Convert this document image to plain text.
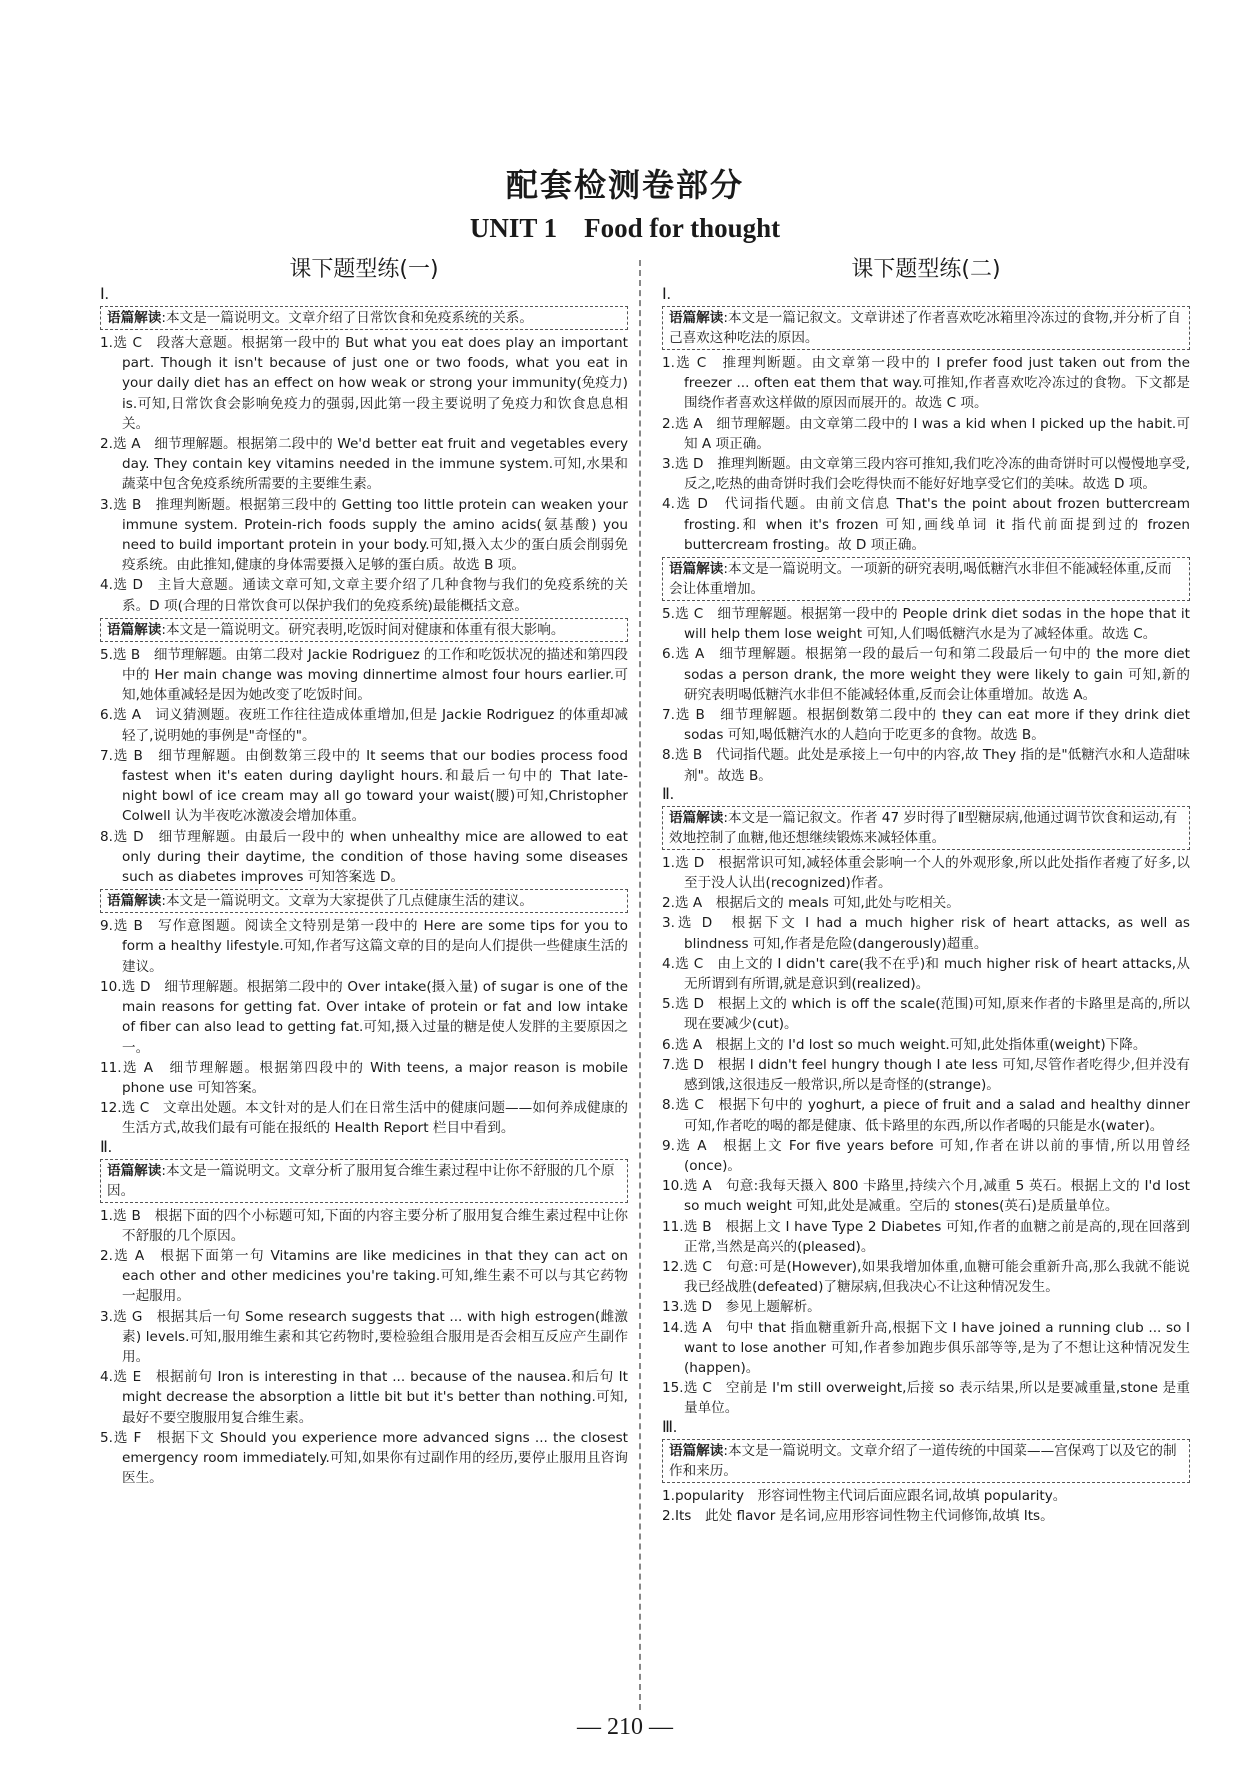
配套检测卷部分
UNIT 1　Food for thought
课下题型练(一)
Ⅰ.
语篇解读:本文是一篇说明文。文章介绍了日常饮食和免疫系统的关系。
1.选 C　段落大意题。根据第一段中的 But what you eat does play an important part. Though it isn't because of just one or two foods, what you eat in your daily diet has an effect on how weak or strong your immunity(免疫力) is.可知,日常饮食会影响免疫力的强弱,因此第一段主要说明了免疫力和饮食息息相关。
2.选 A　细节理解题。根据第二段中的 We'd better eat fruit and vegetables every day. They contain key vitamins needed in the immune system.可知,水果和蔬菜中包含免疫系统所需要的主要维生素。
3.选 B　推理判断题。根据第三段中的 Getting too little protein can weaken your immune system. Protein-rich foods supply the amino acids(氨基酸) you need to build important protein in your body.可知,摄入太少的蛋白质会削弱免疫系统。由此推知,健康的身体需要摄入足够的蛋白质。故选 B 项。
4.选 D　主旨大意题。通读文章可知,文章主要介绍了几种食物与我们的免疫系统的关系。D 项(合理的日常饮食可以保护我们的免疫系统)最能概括文意。
语篇解读:本文是一篇说明文。研究表明,吃饭时间对健康和体重有很大影响。
5.选 B　细节理解题。由第二段对 Jackie Rodriguez 的工作和吃饭状况的描述和第四段中的 Her main change was moving dinnertime almost four hours earlier.可知,她体重减轻是因为她改变了吃饭时间。
6.选 A　词义猜测题。夜班工作往往造成体重增加,但是 Jackie Rodriguez 的体重却减轻了,说明她的事例是"奇怪的"。
7.选 B　细节理解题。由倒数第三段中的 It seems that our bodies process food fastest when it's eaten during daylight hours.和最后一句中的 That late-night bowl of ice cream may all go toward your waist(腰)可知,Christopher Colwell 认为半夜吃冰激凌会增加体重。
8.选 D　细节理解题。由最后一段中的 when unhealthy mice are allowed to eat only during their daytime, the condition of those having some diseases such as diabetes improves 可知答案选 D。
语篇解读:本文是一篇说明文。文章为大家提供了几点健康生活的建议。
9.选 B　写作意图题。阅读全文特别是第一段中的 Here are some tips for you to form a healthy lifestyle.可知,作者写这篇文章的目的是向人们提供一些健康生活的建议。
10.选 D　细节理解题。根据第二段中的 Over intake(摄入量) of sugar is one of the main reasons for getting fat. Over intake of protein or fat and low intake of fiber can also lead to getting fat.可知,摄入过量的糖是使人发胖的主要原因之一。
11.选 A　细节理解题。根据第四段中的 With teens, a major reason is mobile phone use 可知答案。
12.选 C　文章出处题。本文针对的是人们在日常生活中的健康问题——如何养成健康的生活方式,故我们最有可能在报纸的 Health Report 栏目中看到。
Ⅱ.
语篇解读:本文是一篇说明文。文章分析了服用复合维生素过程中让你不舒服的几个原因。
1.选 B　根据下面的四个小标题可知,下面的内容主要分析了服用复合维生素过程中让你不舒服的几个原因。
2.选 A　根据下面第一句 Vitamins are like medicines in that they can act on each other and other medicines you're taking.可知,维生素不可以与其它药物一起服用。
3.选 G　根据其后一句 Some research suggests that ... with high estrogen(雌激素) levels.可知,服用维生素和其它药物时,要检验组合服用是否会相互反应产生副作用。
4.选 E　根据前句 Iron is interesting in that ... because of the nausea.和后句 It might decrease the absorption a little bit but it's better than nothing.可知,最好不要空腹服用复合维生素。
5.选 F　根据下文 Should you experience more advanced signs ... the closest emergency room immediately.可知,如果你有过副作用的经历,要停止服用且咨询医生。
课下题型练(二)
Ⅰ.
语篇解读:本文是一篇记叙文。文章讲述了作者喜欢吃冰箱里冷冻过的食物,并分析了自己喜欢这种吃法的原因。
1.选 C　推理判断题。由文章第一段中的 I prefer food just taken out from the freezer ... often eat them that way.可推知,作者喜欢吃冷冻过的食物。下文都是围绕作者喜欢这样做的原因而展开的。故选 C 项。
2.选 A　细节理解题。由文章第二段中的 I was a kid when I picked up the habit.可知 A 项正确。
3.选 D　推理判断题。由文章第三段内容可推知,我们吃冷冻的曲奇饼时可以慢慢地享受,反之,吃热的曲奇饼时我们会吃得快而不能好好地享受它们的美味。故选 D 项。
4.选 D　代词指代题。由前文信息 That's the point about frozen buttercream frosting.和 when it's frozen 可知,画线单词 it 指代前面提到过的 frozen buttercream frosting。故 D 项正确。
语篇解读:本文是一篇说明文。一项新的研究表明,喝低糖汽水非但不能减轻体重,反而会让体重增加。
5.选 C　细节理解题。根据第一段中的 People drink diet sodas in the hope that it will help them lose weight 可知,人们喝低糖汽水是为了减轻体重。故选 C。
6.选 A　细节理解题。根据第一段的最后一句和第二段最后一句中的 the more diet sodas a person drank, the more weight they were likely to gain 可知,新的研究表明喝低糖汽水非但不能减轻体重,反而会让体重增加。故选 A。
7.选 B　细节理解题。根据倒数第二段中的 they can eat more if they drink diet sodas 可知,喝低糖汽水的人趋向于吃更多的食物。故选 B。
8.选 B　代词指代题。此处是承接上一句中的内容,故 They 指的是"低糖汽水和人造甜味剂"。故选 B。
Ⅱ.
语篇解读:本文是一篇记叙文。作者 47 岁时得了Ⅱ型糖尿病,他通过调节饮食和运动,有效地控制了血糖,他还想继续锻炼来减轻体重。
1.选 D　根据常识可知,减轻体重会影响一个人的外观形象,所以此处指作者瘦了好多,以至于没人认出(recognized)作者。
2.选 A　根据后文的 meals 可知,此处与吃相关。
3.选 D　根据下文 I had a much higher risk of heart attacks, as well as blindness 可知,作者是危险(dangerously)超重。
4.选 C　由上文的 I didn't care(我不在乎)和 much higher risk of heart attacks,从无所谓到有所谓,就是意识到(realized)。
5.选 D　根据上文的 which is off the scale(范围)可知,原来作者的卡路里是高的,所以现在要减少(cut)。
6.选 A　根据上文的 I'd lost so much weight.可知,此处指体重(weight)下降。
7.选 D　根据 I didn't feel hungry though I ate less 可知,尽管作者吃得少,但并没有感到饿,这很违反一般常识,所以是奇怪的(strange)。
8.选 C　根据下句中的 yoghurt, a piece of fruit and a salad and healthy dinner 可知,作者吃的喝的都是健康、低卡路里的东西,所以作者喝的只能是水(water)。
9.选 A　根据上文 For five years before 可知,作者在讲以前的事情,所以用曾经(once)。
10.选 A　句意:我每天摄入 800 卡路里,持续六个月,减重 5 英石。根据上文的 I'd lost so much weight 可知,此处是减重。空后的 stones(英石)是质量单位。
11.选 B　根据上文 I have Type 2 Diabetes 可知,作者的血糖之前是高的,现在回落到正常,当然是高兴的(pleased)。
12.选 C　句意:可是(However),如果我增加体重,血糖可能会重新升高,那么我就不能说我已经战胜(defeated)了糖尿病,但我决心不让这种情况发生。
13.选 D　参见上题解析。
14.选 A　句中 that 指血糖重新升高,根据下文 I have joined a running club ... so I want to lose another 可知,作者参加跑步俱乐部等等,是为了不想让这种情况发生(happen)。
15.选 C　空前是 I'm still overweight,后接 so 表示结果,所以是要减重量,stone 是重量单位。
Ⅲ.
语篇解读:本文是一篇说明文。文章介绍了一道传统的中国菜——宫保鸡丁以及它的制作和来历。
1.popularity　形容词性物主代词后面应跟名词,故填 popularity。
2.Its　此处 flavor 是名词,应用形容词性物主代词修饰,故填 Its。
— 210 —
